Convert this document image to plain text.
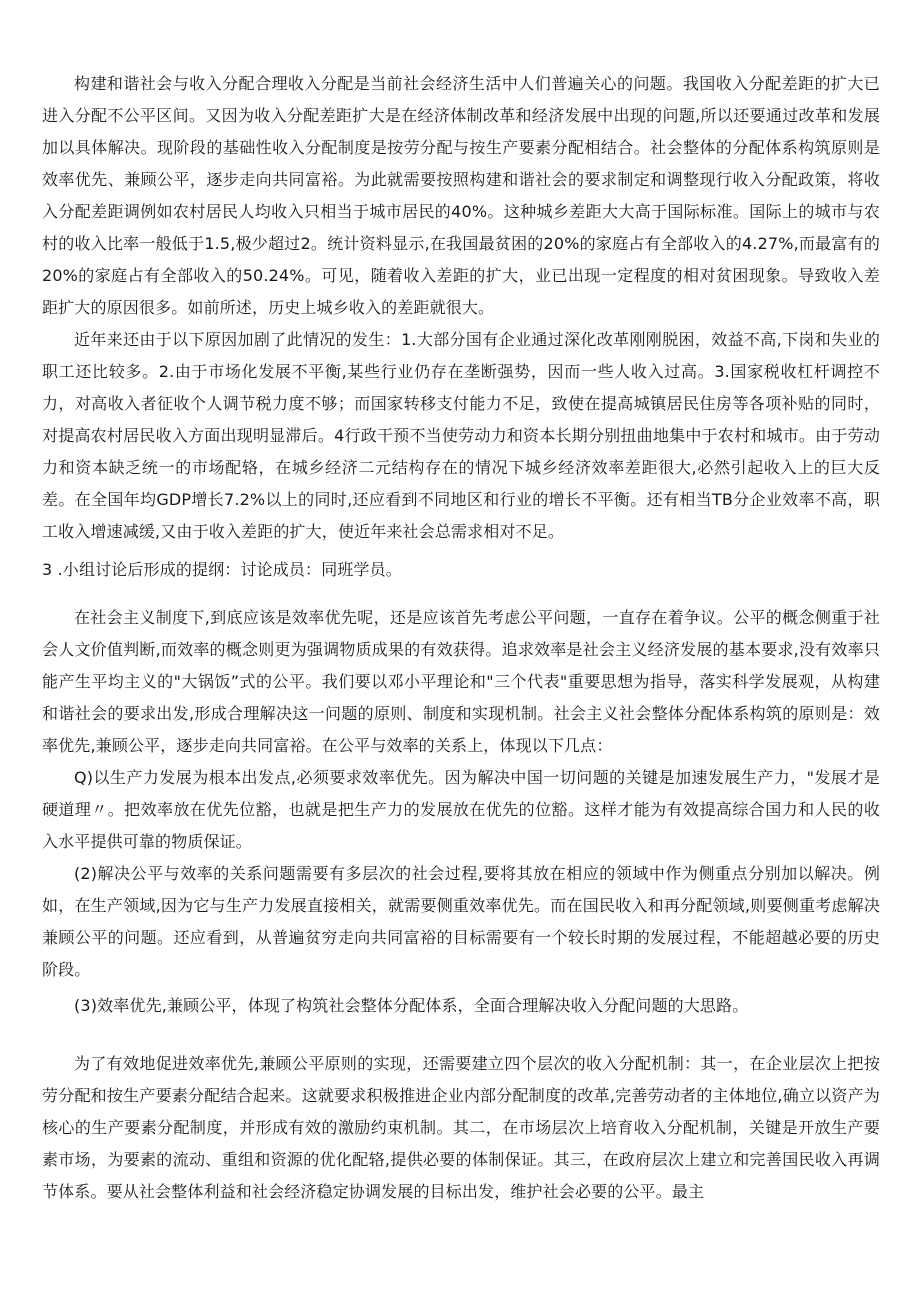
构建和谐社会与收入分配合理收入分配是当前社会经济生活中人们普遍关心的问题。我国收入分配差距的扩大已进入分配不公平区间。又因为收入分配差距扩大是在经济体制改革和经济发展中出现的问题,所以还要通过改革和发展加以具体解决。现阶段的基础性收入分配制度是按劳分配与按生产要素分配相结合。社会整体的分配体系构筑原则是效率优先、兼顾公平，逐步走向共同富裕。为此就需要按照构建和谐社会的要求制定和调整现行收入分配政策，将收入分配差距调例如农村居民人均收入只相当于城市居民的40%。这种城乡差距大大高于国际标准。国际上的城市与农村的收入比率一般低于1.5,极少超过2。统计资料显示,在我国最贫困的20%的家庭占有全部收入的4.27%,而最富有的20%的家庭占有全部收入的50.24%。可见，随着收入差距的扩大，业已出现一定程度的相对贫困现象。导致收入差距扩大的原因很多。如前所述，历史上城乡收入的差距就很大。

近年来还由于以下原因加剧了此情况的发生：1.大部分国有企业通过深化改革刚刚脱困，效益不高,下岗和失业的职工还比较多。2.由于市场化发展不平衡,某些行业仍存在垄断强势，因而一些人收入过高。3.国家税收杠杆调控不力，对高收入者征收个人调节税力度不够；而国家转移支付能力不足，致使在提高城镇居民住房等各项补贴的同时，对提高农村居民收入方面出现明显滞后。4行政干预不当使劳动力和资本长期分别扭曲地集中于农村和城市。由于劳动力和资本缺乏统一的市场配辂，在城乡经济二元结构存在的情况下城乡经济效率差距很大,必然引起收入上的巨大反差。在全国年均GDP增长7.2%以上的同时,还应看到不同地区和行业的增长不平衡。还有相当TB分企业效率不高，职工收入增速减缓,又由于收入差距的扩大，使近年来社会总需求相对不足。

3 .小组讨论后形成的提纲：讨论成员：同班学员。

在社会主义制度下,到底应该是效率优先呢，还是应该首先考虑公平问题，一直存在着争议。公平的概念侧重于社会人文价值判断,而效率的概念则更为强调物质成果的有效获得。追求效率是社会主义经济发展的基本要求,没有效率只能产生平均主义的"大锅饭”式的公平。我们要以邓小平理论和"三个代表"重要思想为指导，落实科学发展观，从构建和谐社会的要求出发,形成合理解决这一问题的原则、制度和实现机制。社会主义社会整体分配体系构筑的原则是：效率优先,兼顾公平，逐步走向共同富裕。在公平与效率的关系上，体现以下几点：

Q)以生产力发展为根本出发点,必须要求效率优先。因为解决中国一切问题的关键是加速发展生产力，"发展才是硬道理〃。把效率放在优先位豁，也就是把生产力的发展放在优先的位豁。这样才能为有效提高综合国力和人民的收入水平提供可靠的物质保证。

(2)解决公平与效率的关系问题需要有多层次的社会过程,要将其放在相应的领域中作为侧重点分别加以解决。例如，在生产领域,因为它与生产力发展直接相关，就需要侧重效率优先。而在国民收入和再分配领域,则要侧重考虑解决兼顾公平的问题。还应看到，从普遍贫穷走向共同富裕的目标需要有一个较长时期的发展过程，不能超越必要的历史阶段。

(3)效率优先,兼顾公平，体现了构筑社会整体分配体系，全面合理解决收入分配问题的大思路。

为了有效地促进效率优先,兼顾公平原则的实现，还需要建立四个层次的收入分配机制：其一，在企业层次上把按劳分配和按生产要素分配结合起来。这就要求积极推进企业内部分配制度的改革,完善劳动者的主体地位,确立以资产为核心的生产要素分配制度，并形成有效的激励约束机制。其二，在市场层次上培育收入分配机制，关键是开放生产要素市场，为要素的流动、重组和资源的优化配辂,提供必要的体制保证。其三，在政府层次上建立和完善国民收入再调节体系。要从社会整体利益和社会经济稳定协调发展的目标出发，维护社会必要的公平。最主
